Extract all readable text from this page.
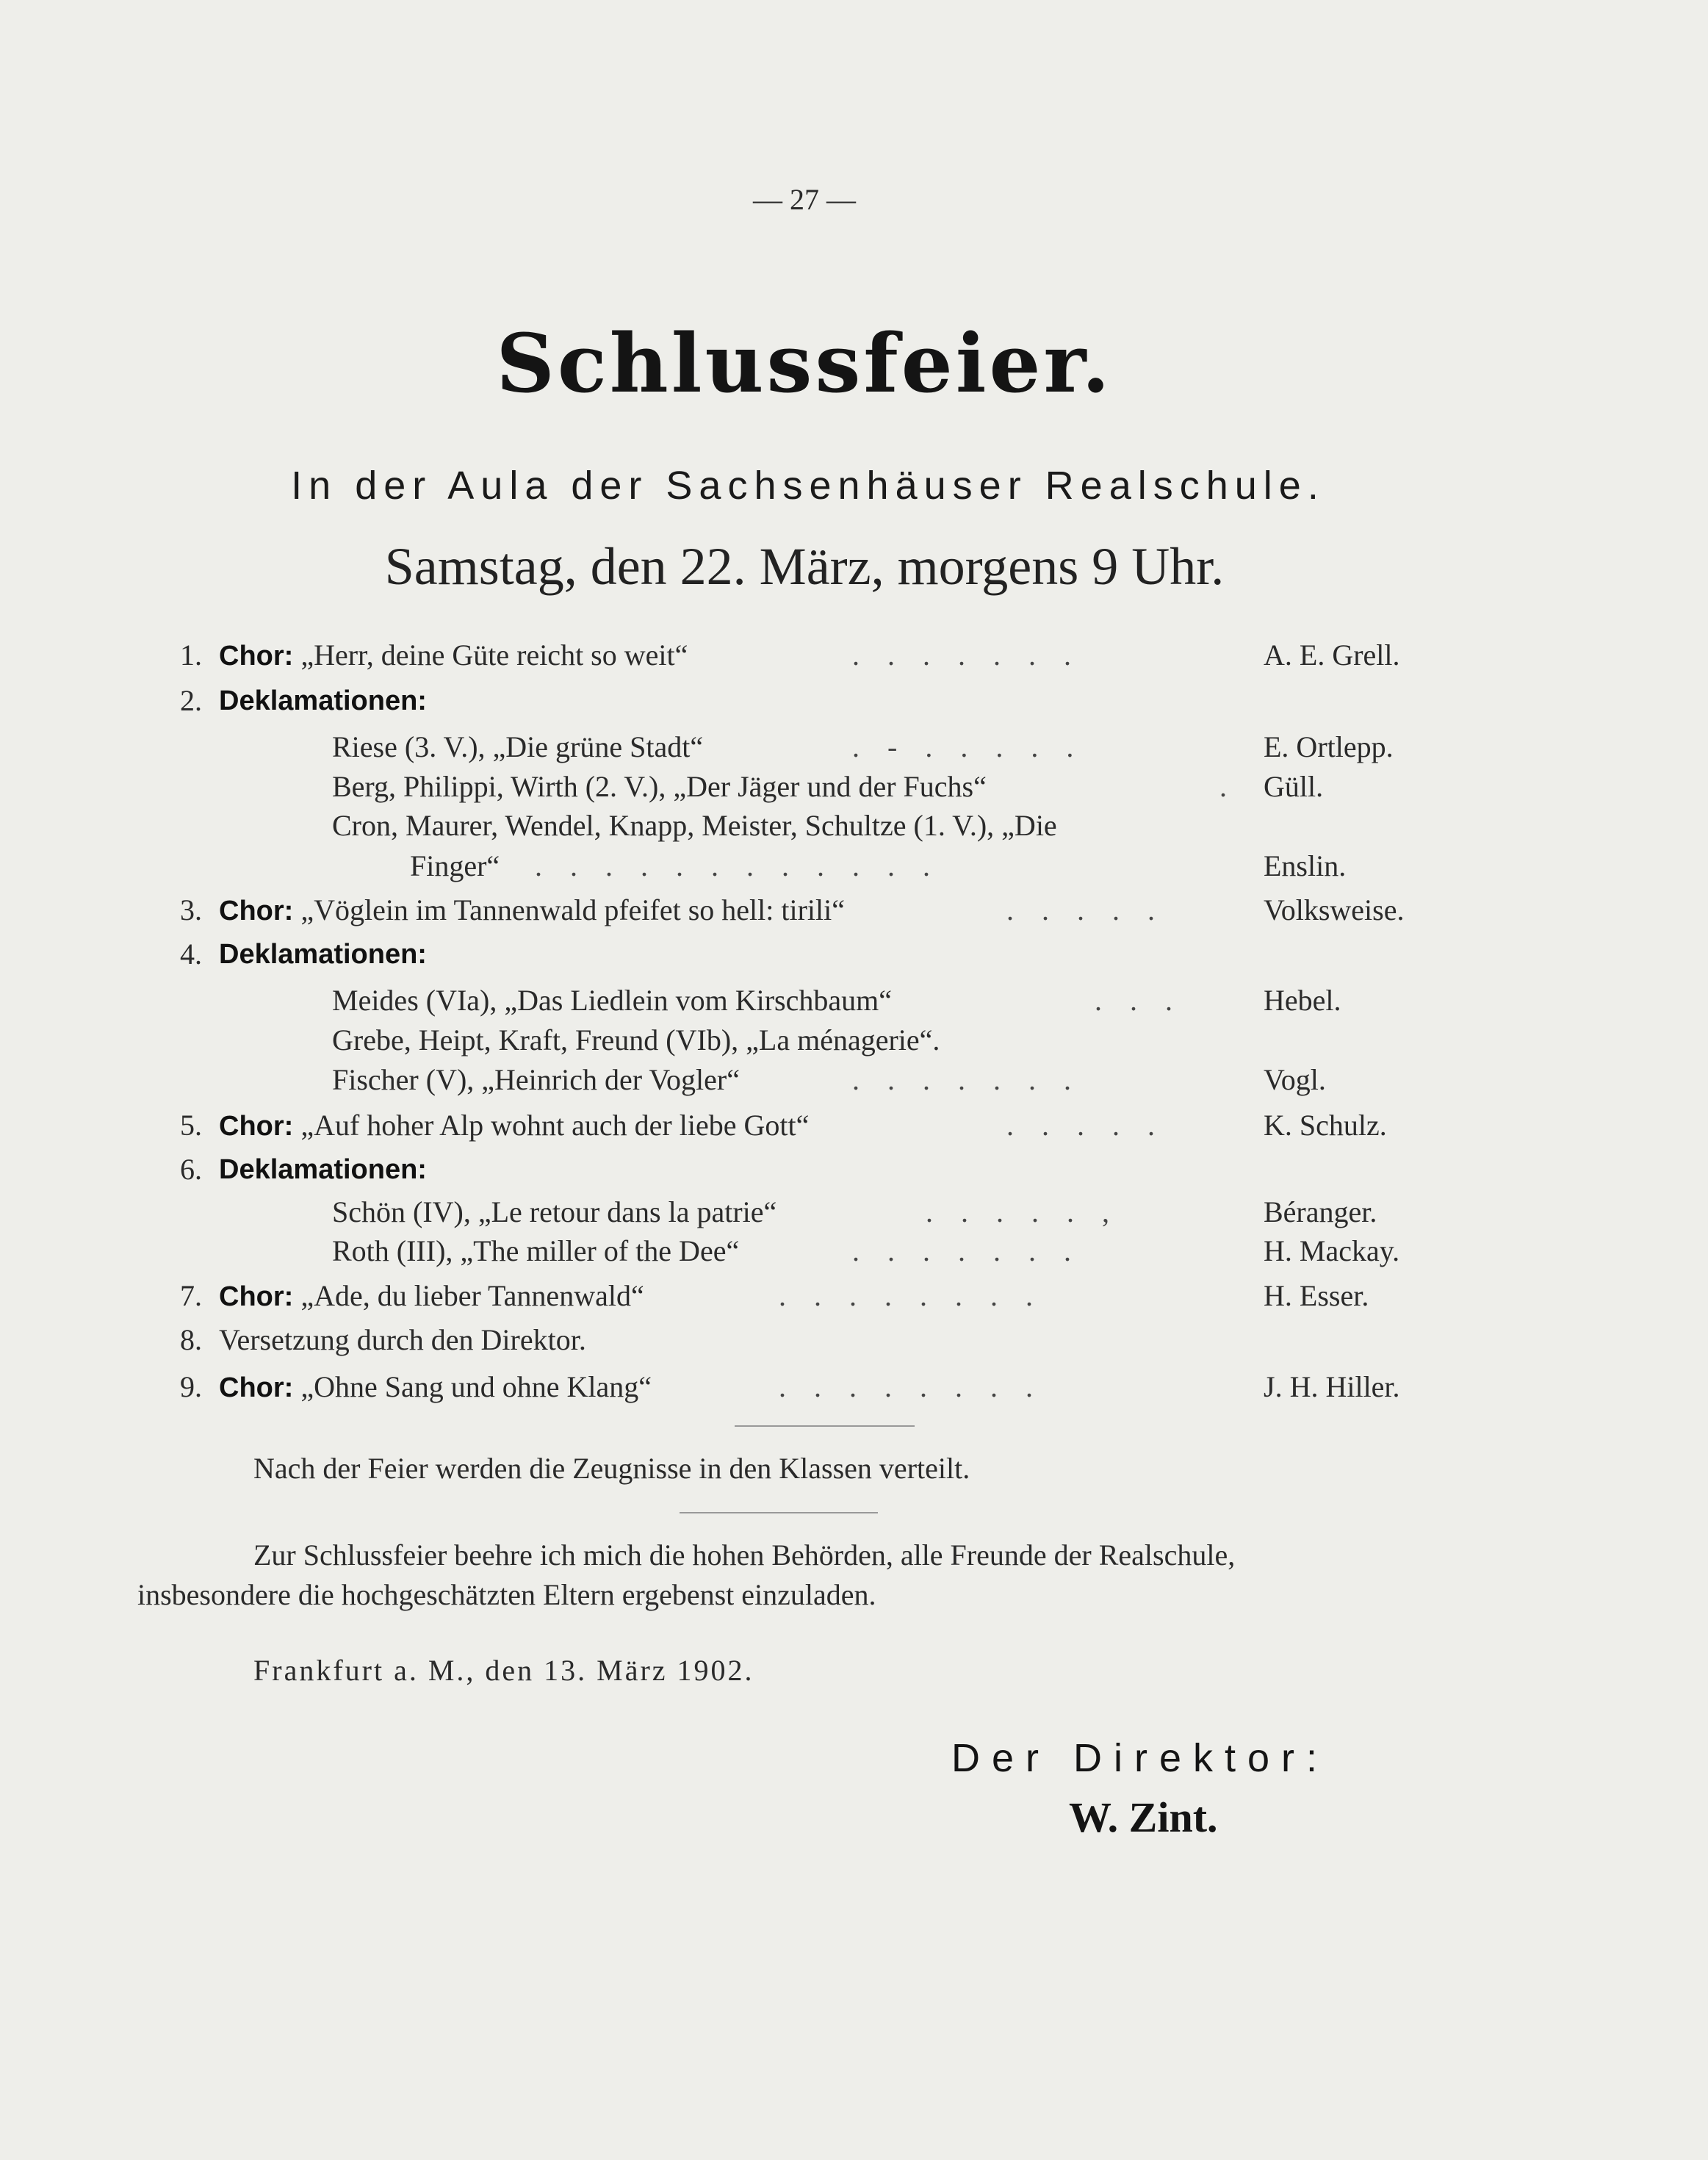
— 27 —
Schlussfeier.
In der Aula der Sachsenhäuser Realschule.
Samstag, den 22. März, morgens 9 Uhr.
1. Chor: „Herr, deine Güte reicht so weit“	.......	A. E. Grell.
2. Deklamationen:
Riese (3. V.), „Die grüne Stadt“	.-.....	E. Ortlepp.
Berg, Philippi, Wirth (2. V.), „Der Jäger und der Fuchs“	. Güll.
Cron, Maurer, Wendel, Knapp, Meister, Schultze (1. V.), „Die
Finger“ ............	Enslin.
3. Chor: „Vöglein im Tannenwald pfeifet so hell: tirili“	.....	Volksweise.
4. Deklamationen:
Meides (VIa), „Das Liedlein vom Kirschbaum“	... Hebel.
Grebe, Heipt, Kraft, Freund (VIb), „La ménagerie“.
Fischer (V), „Heinrich der Vogler“	.......	Vogl.
5. Chor: „Auf hoher Alp wohnt auch der liebe Gott“	.....	K. Schulz.
6. Deklamationen:
Schön (IV), „Le retour dans la patrie“	.....,	Béranger.
Roth (III), „The miller of the Dee“	.......	H. Mackay.
7. Chor: „Ade, du lieber Tannenwald“	........	H. Esser.
8. Versetzung durch den Direktor.
9. Chor: „Ohne Sang und ohne Klang“	........	J. H. Hiller.
Nach der Feier werden die Zeugnisse in den Klassen verteilt.
Zur Schlussfeier beehre ich mich die hohen Behörden, alle Freunde der Realschule,
insbesondere die hochgeschätzten Eltern ergebenst einzuladen.
Frankfurt a. M., den 13. März 1902.
Der Direktor:
W. Zint.
